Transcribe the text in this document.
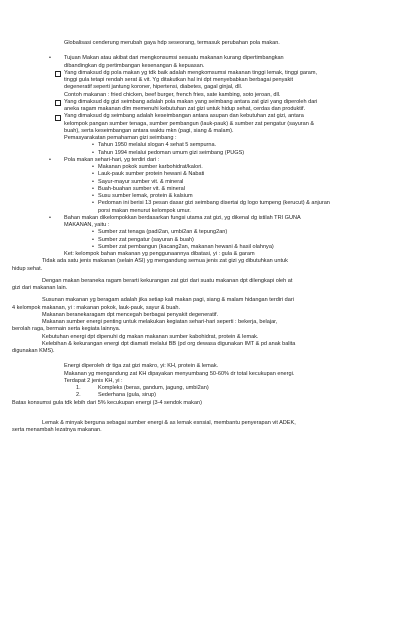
Globalisasi cenderung merubah gaya hdp seseorang, termasuk perubahan pola makan.

•	Tujuan Makan atau akibat dari mengkonsumsi sesuatu makanan kurang dipertimbangkan
dibandingkan dg pertimbangan kesenangan & kepuasan.
Yang dimaksud dg pola makan yg tdk baik adalah mengkomsumsi makanan tinggi lemak, tinggi garam,
tinggi gula tetapi rendah serat & vit. Yg ditakutkan hal ini dpt menyebabkan berbagai penyakit
degeneratif seperti jantung koroner, hipertensi, diabetes, gagal ginjal, dll.
Contoh makanan : fried chicken, beef burger, french fries, sate kambing, soto jeroan, dll.
Yang dimaksud dg gizi seimbang adalah pola makan yang seimbang antara zat gizi yang diperoleh dari
aneka ragam makanan dlm memenuhi kebutuhan zat gizi untuk hidup sehat, cerdas dan produktif.
Yang dimaksud dg seimbang adalah keseimbangan antara asupan dan kebutuhan zat gizi, antara
kelompok pangan sumber tenaga, sumber pembangun (lauk-pauk) & sumber zat pengatur (sayuran &
buah), serta keseimbangan antara waktu mkn (pagi, siang & malam).
Pemasyarakatan pemahaman gizi seimbang :
• Tahun 1950 melalui slogan 4 sehat 5 sempurna.
• Tahun 1994 melalui pedoman umum gizi seimbang (PUGS)
•	Pola makan sehari-hari, yg terdiri dari :
• Makanan pokok sumber karbohidrat/kalori.
• Lauk-pauk sumber protein hewani & Nabati
• Sayur-mayur sumber vit. & mineral
• Buah-buahan sumber vit. & mineral
• Susu sumber lemak, protein & kalsium
• Pedoman ini berisi 13 pesan dasar gizi seimbang disertai dg logo tumpeng (kerucut) & anjuran
porsi makan menurut kelompok umur.
•	Bahan makan dikelompokkan berdasarkan fungsi utama zat gizi, yg dikenal dg istilah TRI GUNA
MAKANAN, yaitu :
• Sumber zat tenaga (padi2an, umbi2an & tepung2an)
• Sumber zat pengatur (sayuran & buah)
• Sumber zat pembangun (kacang2an, makanan hewani & hasil olahnya)

Ket: kelompok bahan makanan yg penggunaannya dibatasi, yi : gula & garam

Tidak ada satu jenis makanan (selain ASI) yg mengandung semua jenis zat gizi yg dibutuhkan untuk
hidup sehat.

Dengan makan beraneka ragam berarti kekurangan zat gizi dari suatu makanan dpt dilengkapi oleh at
gizi dari makanan lain.

Susunan makanan yg beragam adalah jika setiap kali makan pagi, siang & malam hidangan terdiri dari
4 kelompok makanan, yi : makanan pokok, lauk-pauk, sayur & buah.

Makanan beranekaragam dpt mencegah berbagai penyakit degeneratif.

Makanan sumber energi penting untuk melakukan kegiatan sehari-hari seperti : bekerja, belajar,
berolah raga, bermain serta kegiata lainnya.

Kebutuhan energi dpt dipenuhi dg makan makanan sumber kabohidrat, protein & lemak.

Kelebihan & kekurangan energi dpt diamati melalui BB (pd org dewasa digunakan IMT & pd anak balita
digunakan KMS).

Energi diperoleh dr tiga zat gizi makro, yi: KH, protein & lemak.

Makanan yg mengandung zat KH dipayakan menyumbang 50-60% dr total kecukupan energi.

Terdapat 2 jenis KH, yi :

1.	Kompleks (beras, gandum, jagung, umbi2an)
2.	Sederhana (gula, sirup)

Batas konsumsi gula tdk lebih dari 5% kecukupan energi (3-4 sendok makan)

Lemak & minyak berguna sebagai sumber energi & as lemak esnsial, membantu penyerapan vit ADEK,
serta menambah lezatnya makanan.
